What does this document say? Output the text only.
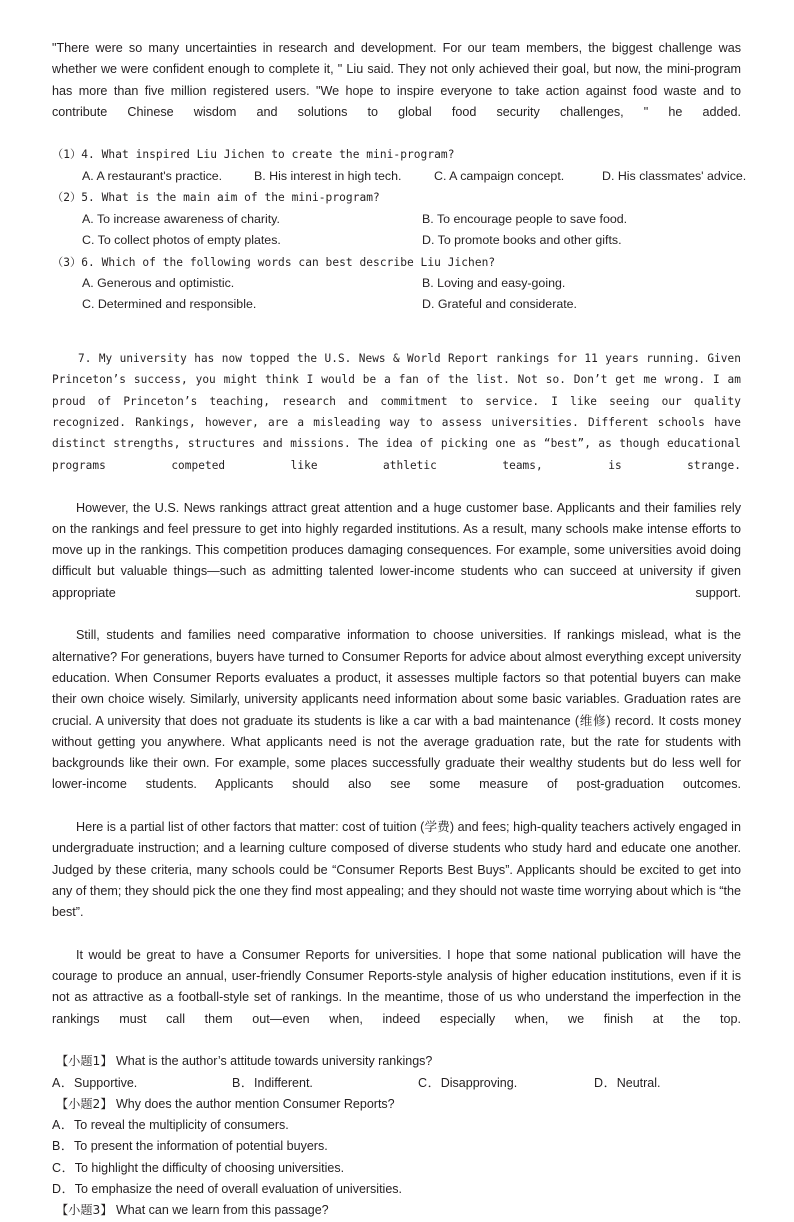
"There were so many uncertainties in research and development. For our team members, the biggest challenge was whether we were confident enough to complete it, " Liu said. They not only achieved their goal, but now, the mini-program has more than five million registered users. "We hope to inspire everyone to take action against food waste and to contribute Chinese wisdom and solutions to global food security challenges, " he added.

（1）4. What inspired Liu Jichen to create the mini-program?
A. A restaurant's practice.	B. His interest in high tech.	C. A campaign concept.	D. His classmates' advice.
（2）5. What is the main aim of the mini-program?
A. To increase awareness of charity.	B. To encourage people to save food.
C. To collect photos of empty plates.	D. To promote books and other gifts.
（3）6. Which of the following words can best describe Liu Jichen?
A. Generous and optimistic.	B. Loving and easy-going.
C. Determined and responsible.	D. Grateful and considerate.
7. My university has now topped the U.S. News & World Report rankings for 11 years running. Given Princeton’s success, you might think I would be a fan of the list. Not so. Don’t get me wrong. I am proud of Princeton’s teaching, research and commitment to service. I like seeing our quality recognized. Rankings, however, are a misleading way to assess universities. Different schools have distinct strengths, structures and missions. The idea of picking one as “best”, as though educational programs competed like athletic teams, is strange.

However, the U.S. News rankings attract great attention and a huge customer base. Applicants and their families rely on the rankings and feel pressure to get into highly regarded institutions. As a result, many schools make intense efforts to move up in the rankings. This competition produces damaging consequences. For example, some universities avoid doing difficult but valuable things—such as admitting talented lower-income students who can succeed at university if given appropriate support.

Still, students and families need comparative information to choose universities. If rankings mislead, what is the alternative? For generations, buyers have turned to Consumer Reports for advice about almost everything except university education. When Consumer Reports evaluates a product, it assesses multiple factors so that potential buyers can make their own choice wisely. Similarly, university applicants need information about some basic variables. Graduation rates are crucial. A university that does not graduate its students is like a car with a bad maintenance (维修) record. It costs money without getting you anywhere. What applicants need is not the average graduation rate, but the rate for students with backgrounds like their own. For example, some places successfully graduate their wealthy students but do less well for lower-income students. Applicants should also see some measure of post-graduation outcomes.

Here is a partial list of other factors that matter: cost of tuition (学费) and fees; high-quality teachers actively engaged in undergraduate instruction; and a learning culture composed of diverse students who study hard and educate one another. Judged by these criteria, many schools could be “Consumer Reports Best Buys”. Applicants should be excited to get into any of them; they should pick the one they find most appealing; and they should not waste time worrying about which is “the best”.

It would be great to have a Consumer Reports for universities. I hope that some national publication will have the courage to produce an annual, user-friendly Consumer Reports-style analysis of higher education institutions, even if it is not as attractive as a football-style set of rankings. In the meantime, those of us who understand the imperfection in the rankings must call them out—even when, indeed especially when, we finish at the top.

【小题1】 What is the author’s attitude towards university rankings?
A．Supportive.	B．Indifferent.	C．Disapproving.	D．Neutral.
【小题2】 Why does the author mention Consumer Reports?
A．To reveal the multiplicity of consumers.
B．To present the information of potential buyers.
C．To highlight the difficulty of choosing universities.
D．To emphasize the need of overall evaluation of universities.
【小题3】 What can we learn from this passage?
